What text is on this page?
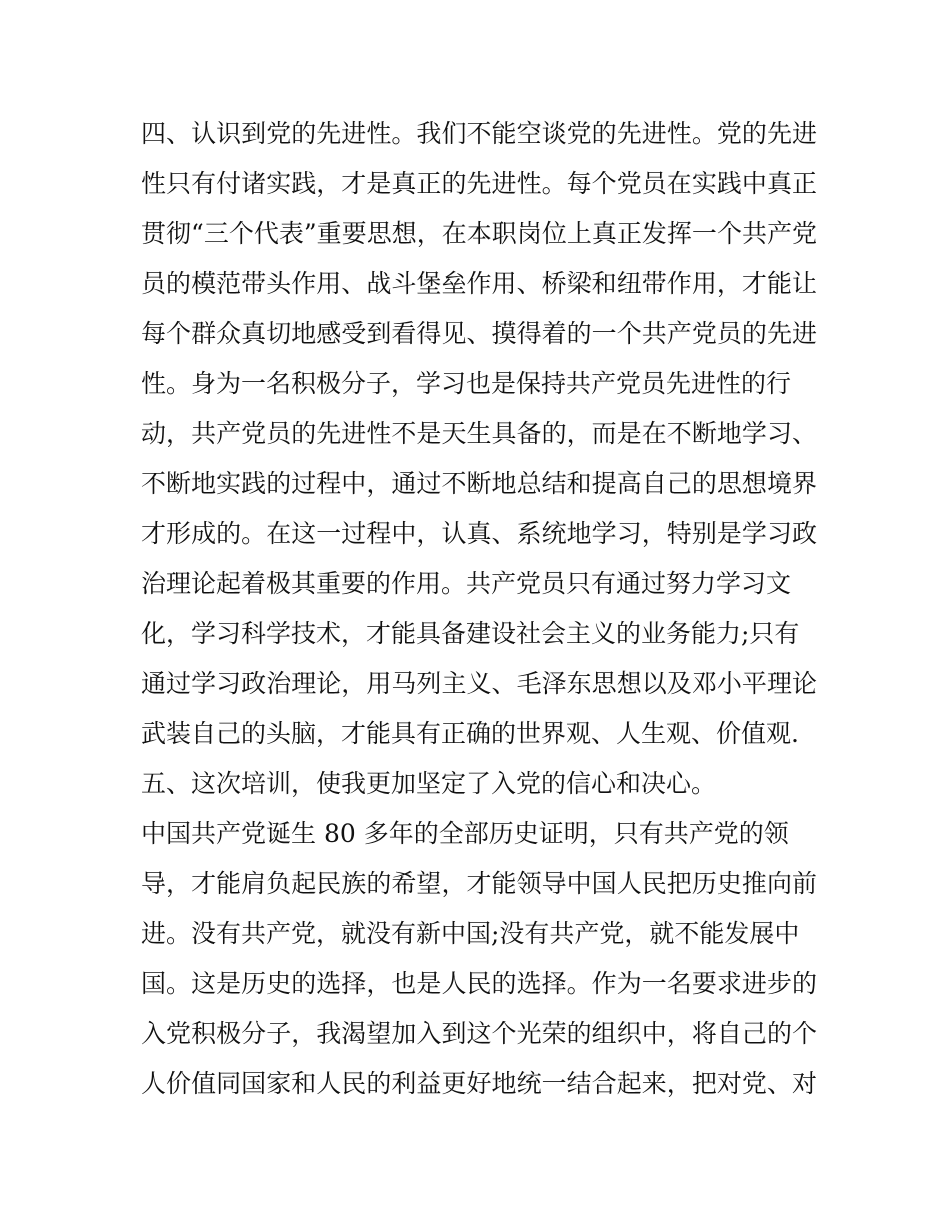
四、认识到党的先进性。我们不能空谈党的先进性。党的先进
性只有付诸实践，才是真正的先进性。每个党员在实践中真正
贯彻“三个代表”重要思想，在本职岗位上真正发挥一个共产党
员的模范带头作用、战斗堡垒作用、桥梁和纽带作用，才能让
每个群众真切地感受到看得见、摸得着的一个共产党员的先进
性。身为一名积极分子，学习也是保持共产党员先进性的行
动，共产党员的先进性不是天生具备的，而是在不断地学习、
不断地实践的过程中，通过不断地总结和提高自己的思想境界
才形成的。在这一过程中，认真、系统地学习，特别是学习政
治理论起着极其重要的作用。共产党员只有通过努力学习文
化，学习科学技术，才能具备建设社会主义的业务能力;只有
通过学习政治理论，用马列主义、毛泽东思想以及邓小平理论
武装自己的头脑，才能具有正确的世界观、人生观、价值观.
五、这次培训，使我更加坚定了入党的信心和决心。
中国共产党诞生 80 多年的全部历史证明，只有共产党的领
导，才能肩负起民族的希望，才能领导中国人民把历史推向前
进。没有共产党，就没有新中国;没有共产党，就不能发展中
国。这是历史的选择，也是人民的选择。作为一名要求进步的
入党积极分子，我渴望加入到这个光荣的组织中，将自己的个
人价值同国家和人民的利益更好地统一结合起来，把对党、对
